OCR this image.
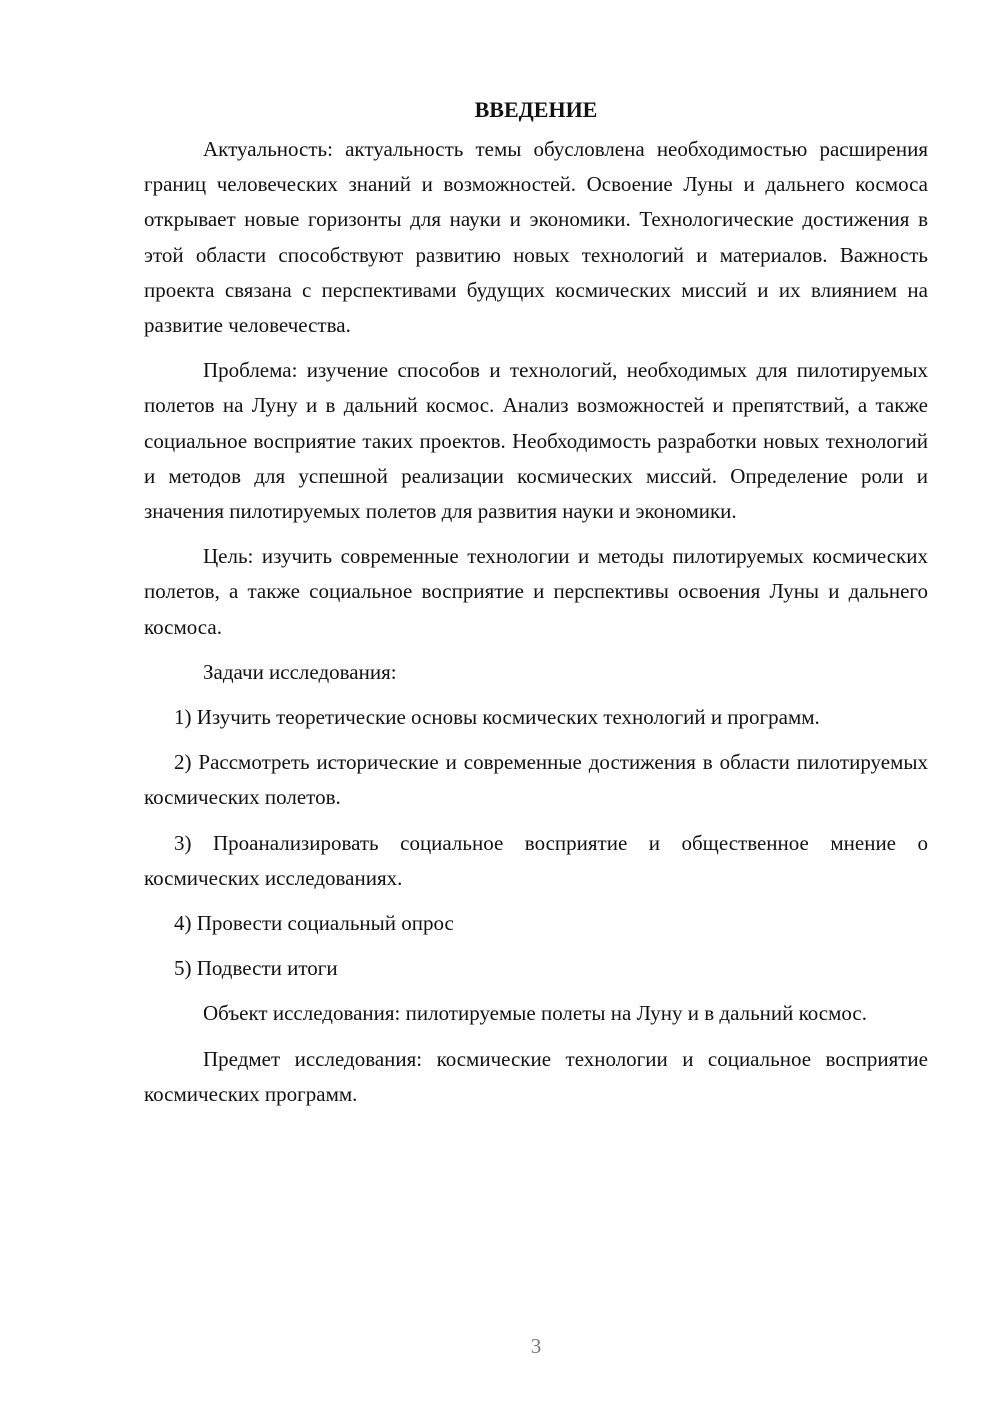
ВВЕДЕНИЕ

Актуальность: актуальность темы обусловлена необходимостью расширения границ человеческих знаний и возможностей. Освоение Луны и дальнего космоса открывает новые горизонты для науки и экономики. Технологические достижения в этой области способствуют развитию новых технологий и материалов. Важность проекта связана с перспективами будущих космических миссий и их влиянием на развитие человечества.

Проблема: изучение способов и технологий, необходимых для пилотируемых полетов на Луну и в дальний космос. Анализ возможностей и препятствий, а также социальное восприятие таких проектов. Необходимость разработки новых технологий и методов для успешной реализации космических миссий. Определение роли и значения пилотируемых полетов для развития науки и экономики.

Цель: изучить современные технологии и методы пилотируемых космических полетов, а также социальное восприятие и перспективы освоения Луны и дальнего космоса.

Задачи исследования:

1) Изучить теоретические основы космических технологий и программ.

2) Рассмотреть исторические и современные достижения в области пилотируемых космических полетов.

3) Проанализировать социальное восприятие и общественное мнение о космических исследованиях.

4) Провести социальный опрос

5) Подвести итоги

Объект исследования: пилотируемые полеты на Луну и в дальний космос.

Предмет исследования: космические технологии и социальное восприятие космических программ.

3
